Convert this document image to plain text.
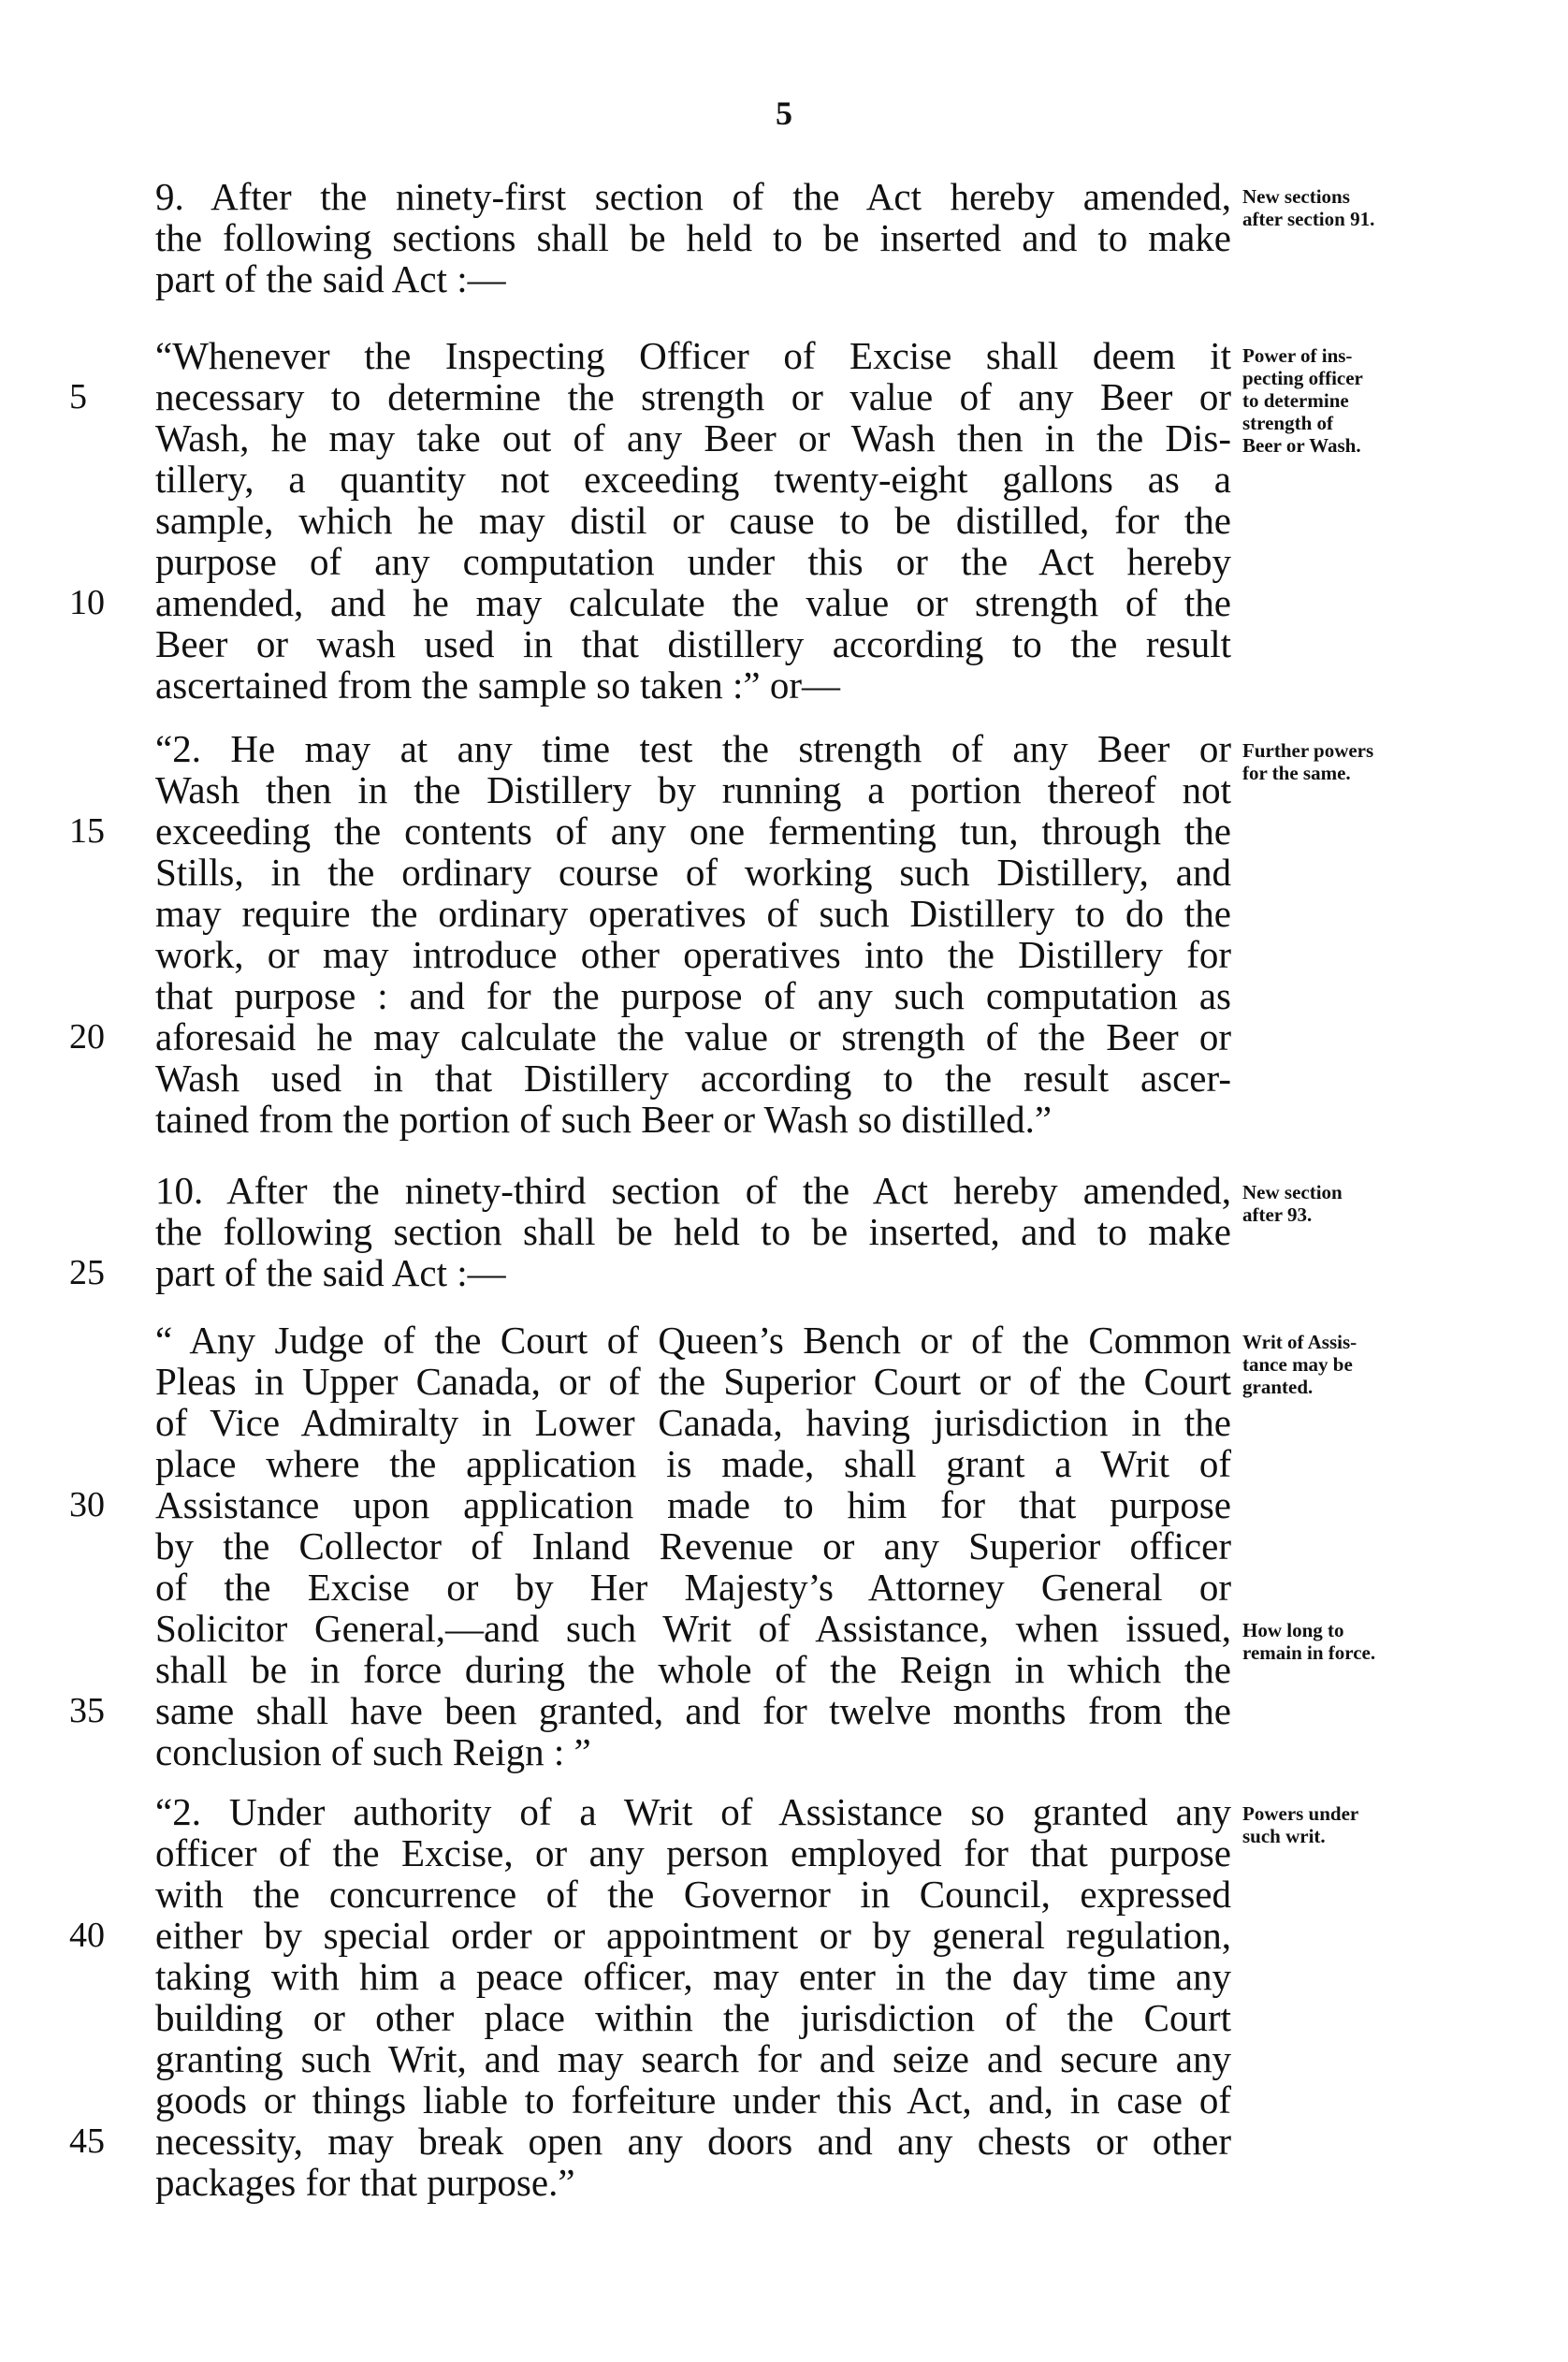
5
9. After the ninety-first section of the Act hereby amended,
the following sections shall be held to be inserted and to make
part of the said Act :—
New sections
after section 91.
“Whenever the Inspecting Officer of Excise shall deem it
necessary to determine the strength or value of any Beer or
Wash, he may take out of any Beer or Wash then in the Dis-
tillery, a quantity not exceeding twenty-eight gallons as a
sample, which he may distil or cause to be distilled, for the
purpose of any computation under this or the Act hereby
amended, and he may calculate the value or strength of the
Beer or wash used in that distillery according to the result
ascertained from the sample so taken :” or—
5
10
Power of ins-
pecting officer
to determine
strength of
Beer or Wash.
“2. He may at any time test the strength of any Beer or
Wash then in the Distillery by running a portion thereof not
exceeding the contents of any one fermenting tun, through the
Stills, in the ordinary course of working such Distillery, and
may require the ordinary operatives of such Distillery to do the
work, or may introduce other operatives into the Distillery for
that purpose : and for the purpose of any such computation as
aforesaid he may calculate the value or strength of the Beer or
Wash used in that Distillery according to the result ascer-
tained from the portion of such Beer or Wash so distilled.”
15
20
Further powers
for the same.
10. After the ninety-third section of the Act hereby amended,
the following section shall be held to be inserted, and to make
part of the said Act :—
25
New section
after 93.
“ Any Judge of the Court of Queen’s Bench or of the Common
Pleas in Upper Canada, or of the Superior Court or of the Court
of Vice Admiralty in Lower Canada, having jurisdiction in the
place where the application is made, shall grant a Writ of
Assistance upon application made to him for that purpose
by the Collector of Inland Revenue or any Superior officer
of the Excise or by Her Majesty’s Attorney General or
Solicitor General,—and such Writ of Assistance, when issued,
shall be in force during the whole of the Reign in which the
same shall have been granted, and for twelve months from the
conclusion of such Reign : ”
30
35
Writ of Assis-
tance may be
granted.
How long to
remain in force.
“2. Under authority of a Writ of Assistance so granted any
officer of the Excise, or any person employed for that purpose
with the concurrence of the Governor in Council, expressed
either by special order or appointment or by general regulation,
taking with him a peace officer, may enter in the day time any
building or other place within the jurisdiction of the Court
granting such Writ, and may search for and seize and secure any
goods or things liable to forfeiture under this Act, and, in case of
necessity, may break open any doors and any chests or other
packages for that purpose.”
40
45
Powers under
such writ.
